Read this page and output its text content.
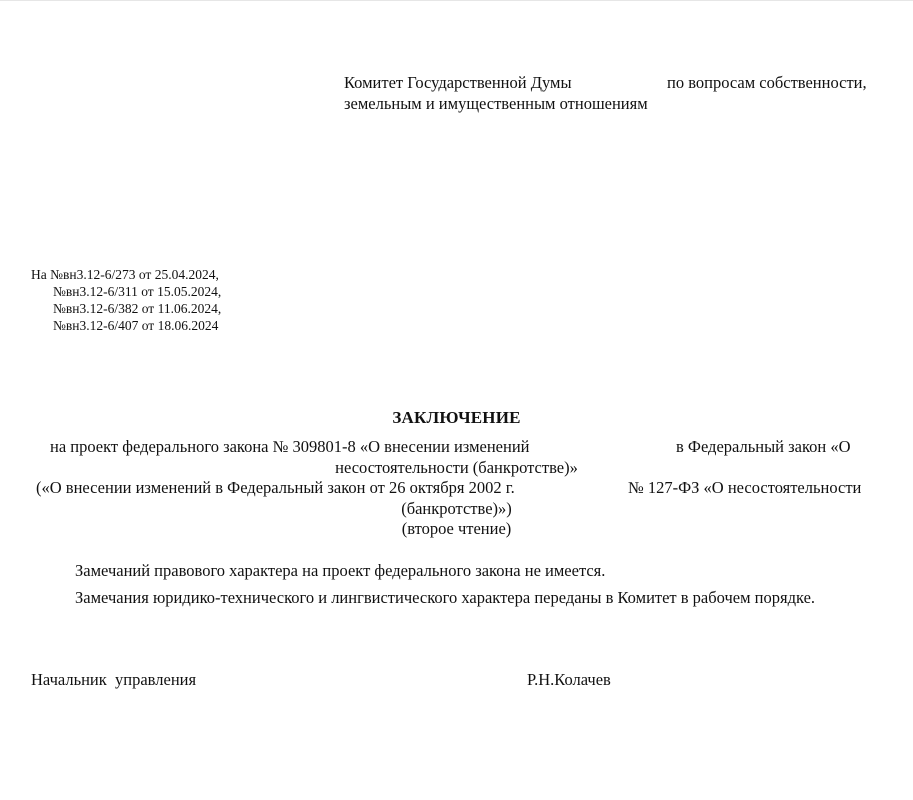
Комитет Государственной Думы	по вопросам собственности,
земельным и имущественным отношениям
На №вн3.12-6/273 от 25.04.2024,
№вн3.12-6/311 от 15.05.2024,
№вн3.12-6/382 от 11.06.2024,
№вн3.12-6/407 от 18.06.2024
ЗАКЛЮЧЕНИЕ
на проект федерального закона № 309801-8 «О внесении изменений	в Федеральный закон «О
несостоятельности (банкротстве)»
(«О внесении изменений в Федеральный закон от 26 октября 2002 г.	№ 127-ФЗ «О несостоятельности
(банкротстве)»)
(второе чтение)
Замечаний правового характера на проект федерального закона не имеется.
Замечания юридико-технического и лингвистического характера переданы в Комитет в рабочем порядке.
Начальник  управления	Р.Н.Колачев
